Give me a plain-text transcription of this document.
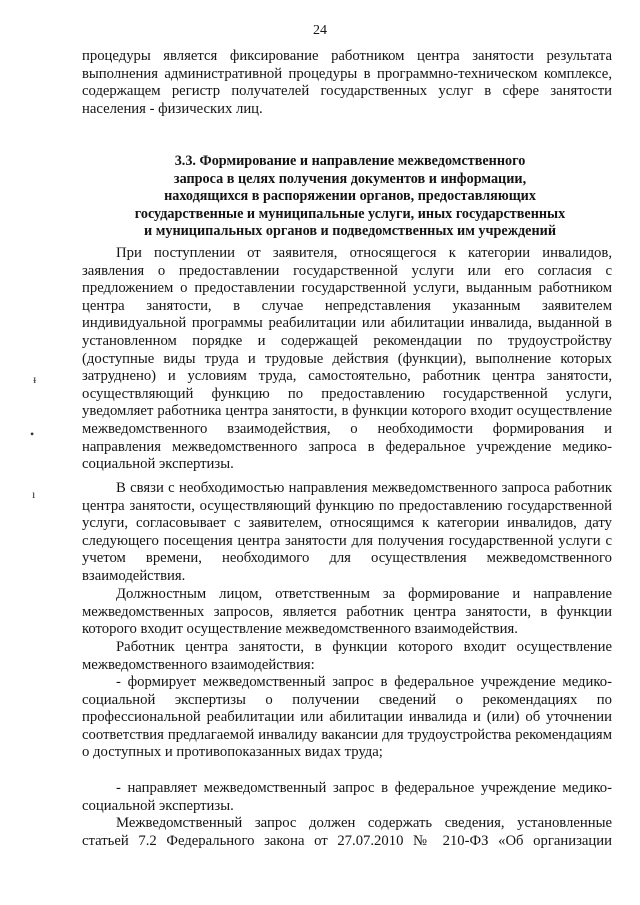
24
процедуры является фиксирование работником центра занятости результата выполнения административной процедуры в программно-техническом комплексе, содержащем регистр получателей государственных услуг в сфере занятости населения - физических лиц.
3.3. Формирование и направление межведомственного
запроса в целях получения документов и информации,
находящихся в распоряжении органов, предоставляющих
государственные и муниципальные услуги, иных государственных
и муниципальных органов и подведомственных им учреждений
При поступлении от заявителя, относящегося к категории инвалидов, заявления о предоставлении государственной услуги или его согласия с предложением о предоставлении государственной услуги, выданным работником центра занятости, в случае непредставления указанным заявителем индивидуальной программы реабилитации или абилитации инвалида, выданной в установленном порядке и содержащей рекомендации по трудоустройству (доступные виды труда и трудовые действия (функции), выполнение которых затруднено) и условиям труда, самостоятельно, работник центра занятости, осуществляющий функцию по предоставлению государственной услуги, уведомляет работника центра занятости, в функции которого входит осуществление межведомственного взаимодействия, о необходимости формирования и направления межведомственного запроса в федеральное учреждение медико-социальной экспертизы.
В связи с необходимостью направления межведомственного запроса работник центра занятости, осуществляющий функцию по предоставлению государственной услуги, согласовывает с заявителем, относящимся к категории инвалидов, дату следующего посещения центра занятости для получения государственной услуги с учетом времени, необходимого для осуществления межведомственного взаимодействия.
Должностным лицом, ответственным за формирование и направление межведомственных запросов, является работник центра занятости, в функции которого входит осуществление межведомственного взаимодействия.
Работник центра занятости, в функции которого входит осуществление межведомственного взаимодействия:
- формирует межведомственный запрос в федеральное учреждение медико-социальной экспертизы о получении сведений о рекомендациях по профессиональной реабилитации или абилитации инвалида и (или) об уточнении соответствия предлагаемой инвалиду вакансии для трудоустройства рекомендациям о доступных и противопоказанных видах труда;
- направляет межведомственный запрос в федеральное учреждение медико-социальной экспертизы.
Межведомственный запрос должен содержать сведения, установленные статьей 7.2 Федерального закона от 27.07.2010 № 210-ФЗ «Об организации
ᵻ
•
ı
